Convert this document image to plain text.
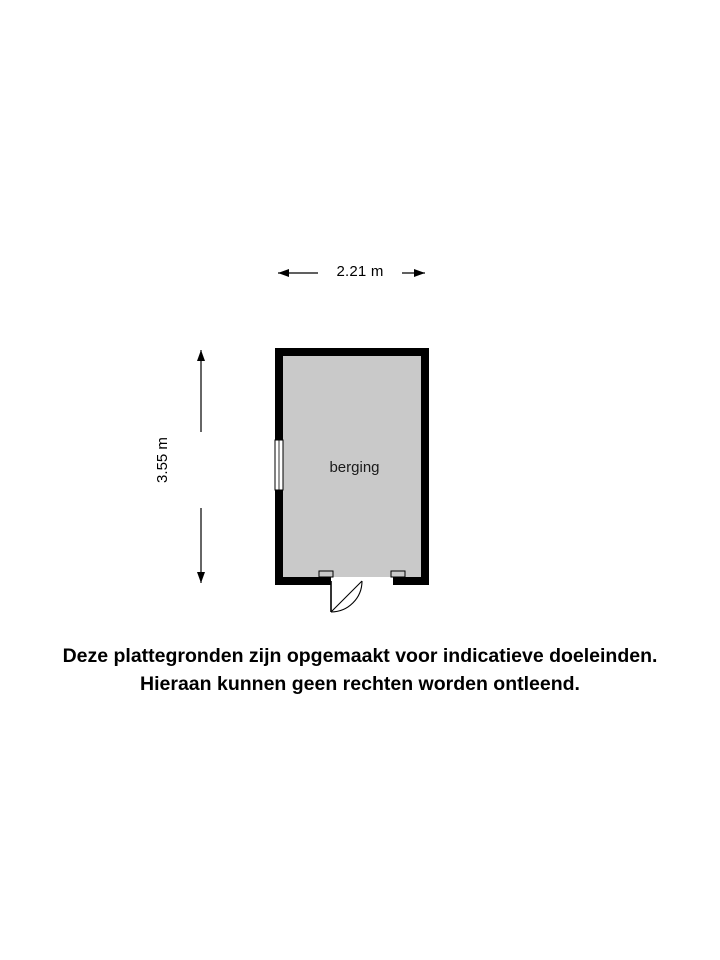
2.21 m
3.55 m	berging
Deze plattegronden zijn opgemaakt voor indicatieve doeleinden.
Hieraan kunnen geen rechten worden ontleend.
